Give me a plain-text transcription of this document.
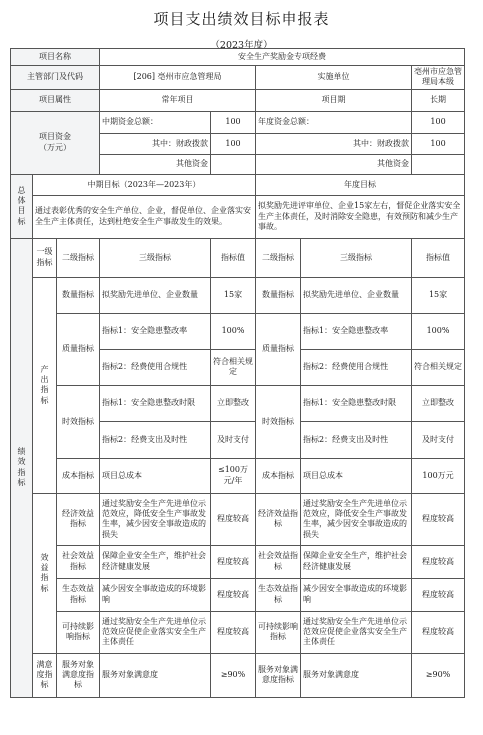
项目支出绩效目标申报表
（2023年度）
项目名称			安全生产奖励金专项经费				
主管部门及代码			[206] 亳州市应急管理局		实施单位		亳州市应急管理局本级
项目属性			常年项目		项目期		长期
项目资金
（万元）			中期资金总额：	100	年度资金总额：		100
			其中：财政拨款	100	其中：财政拨款		100
			其他资金		其他资金		
总
体
目
标	中期目标（2023年—2023年）				年度目标		
	通过表彰优秀的安全生产单位、企业，督促单位、企业落实安全生产主体责任，达到杜绝安全生产事故发生的效果。				拟奖励先进评审单位、企业15家左右，督促企业落实安全生产主体责任，及时消除安全隐患，有效预防和减少生产事故。		
绩
效
指
标	一级
指标	二级指标	三级指标	指标值	二级指标	三级指标	指标值
	产
出
指
标	数量指标	拟奖励先进单位、企业数量	15家	数量指标	拟奖励先进单位、企业数量	15家
		质量指标	指标1：安全隐患整改率	100%	质量指标	指标1：安全隐患整改率	100%
			指标2：经费使用合规性	符合相关规定		指标2：经费使用合规性	符合相关规定
		时效指标	指标1：安全隐患整改时限	立即整改	时效指标	指标1：安全隐患整改时限	立即整改
			指标2：经费支出及时性	及时支付		指标2：经费支出及时性	及时支付
		成本指标	项目总成本	≤100万元/年	成本指标	项目总成本	100万元
	效
益
指
标	经济效益指标	通过奖励安全生产先进单位示范效应，降低安全生产事故发生率，减少因安全事故造成的损失	程度较高	经济效益指标	通过奖励安全生产先进单位示范效应，降低安全生产事故发生率，减少因安全事故造成的损失	程度较高
		社会效益指标	保障企业安全生产，维护社会经济健康发展	程度较高	社会效益指标	保障企业安全生产，维护社会经济健康发展	程度较高
		生态效益指标	减少因安全事故造成的环境影响	程度较高	生态效益指标	减少因安全事故造成的环境影响	程度较高
		可持续影响指标	通过奖励安全生产先进单位示范效应促使企业落实安全生产主体责任	程度较高	可持续影响指标	通过奖励安全生产先进单位示范效应促使企业落实安全生产主体责任	程度较高
	满意
度指
标	服务对象满意度指标	服务对象满意度	≥90%	服务对象满意度指标	服务对象满意度	≥90%
